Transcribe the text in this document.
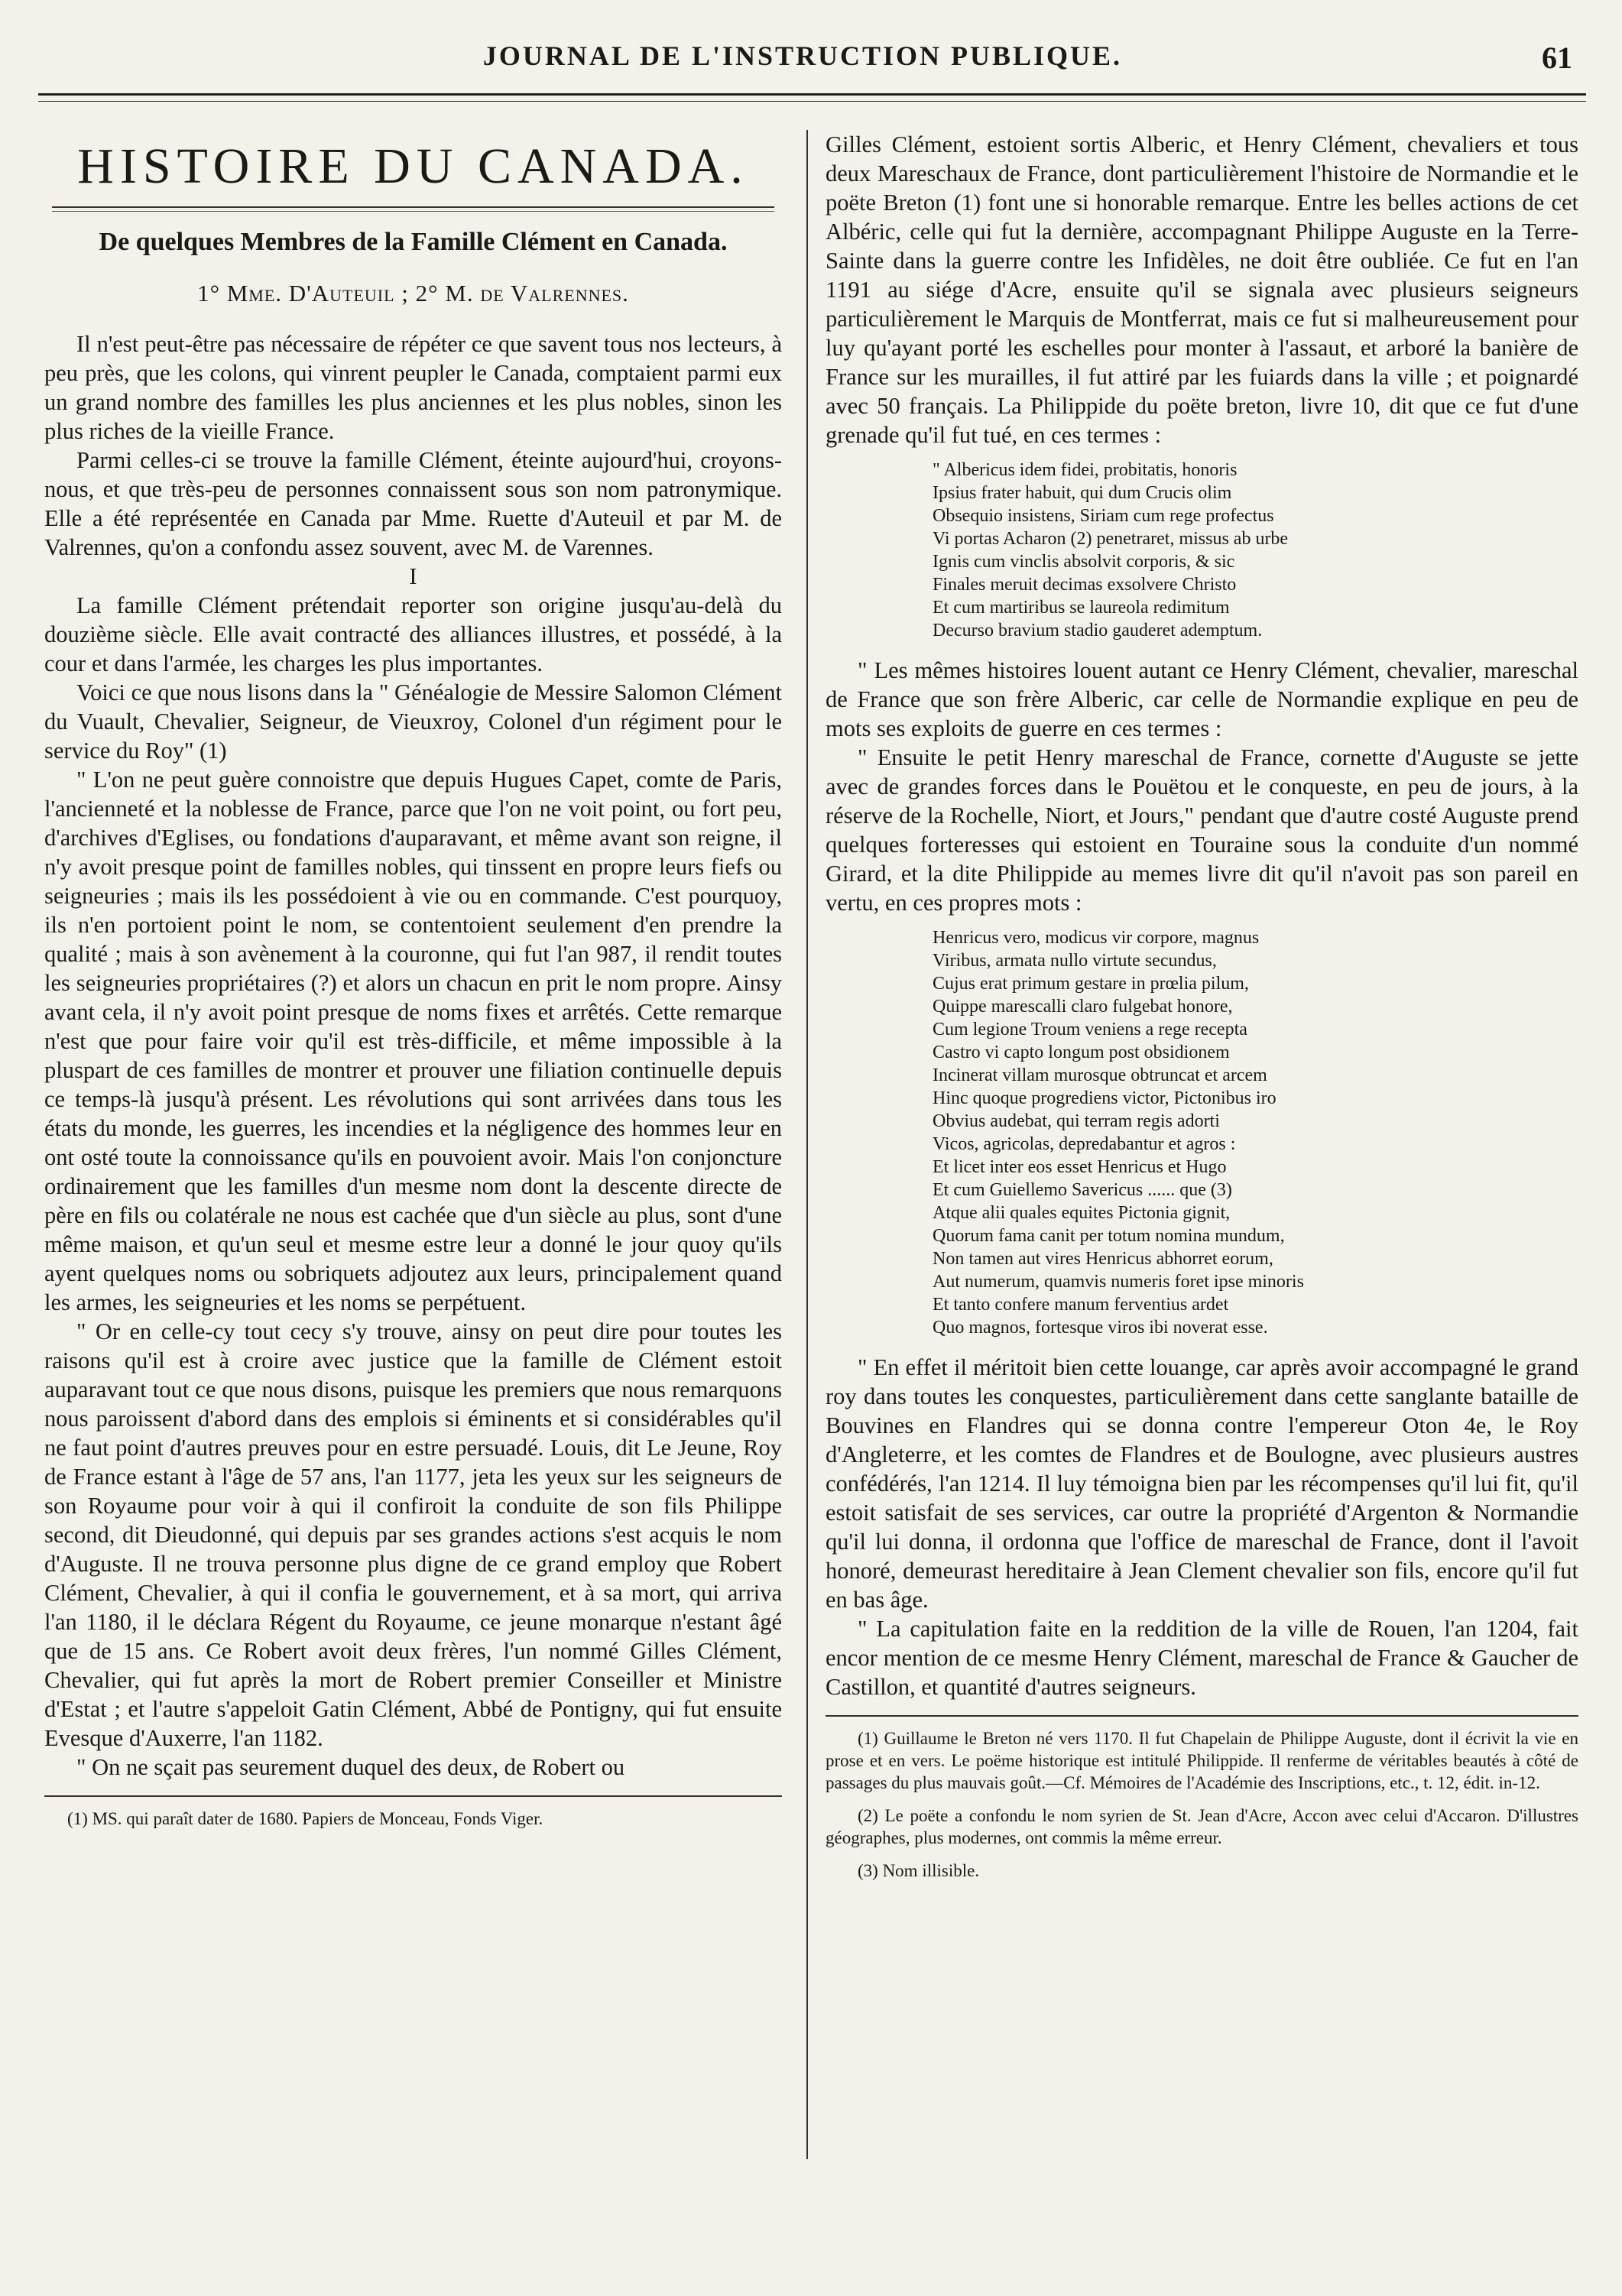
JOURNAL DE L'INSTRUCTION PUBLIQUE.	61
HISTOIRE DU CANADA.
De quelques Membres de la Famille Clément en Canada.
1° Mme. D'Auteuil ; 2° M. de Valrennes.

Il n'est peut-être pas nécessaire de répéter ce que savent tous nos lecteurs, à peu près, que les colons, qui vinrent peupler le Canada, comptaient parmi eux un grand nombre des familles les plus anciennes et les plus nobles, sinon les plus riches de la vieille France.

Parmi celles-ci se trouve la famille Clément, éteinte aujourd'hui, croyons-nous, et que très-peu de personnes connaissent sous son nom patronymique. Elle a été représentée en Canada par Mme. Ruette d'Auteuil et par M. de Valrennes, qu'on a confondu assez souvent, avec M. de Varennes.

I

La famille Clément prétendait reporter son origine jusqu'au-delà du douzième siècle. Elle avait contracté des alliances illustres, et possédé, à la cour et dans l'armée, les charges les plus importantes.

Voici ce que nous lisons dans la " Généalogie de Messire Salomon Clément du Vuault, Chevalier, Seigneur, de Vieuxroy, Colonel d'un régiment pour le service du Roy" (1)

" L'on ne peut guère connoistre que depuis Hugues Capet, comte de Paris, l'ancienneté et la noblesse de France, parce que l'on ne voit point, ou fort peu, d'archives d'Eglises, ou fondations d'auparavant, et même avant son reigne, il n'y avoit presque point de familles nobles, qui tinssent en propre leurs fiefs ou seigneuries ; mais ils les possédoient à vie ou en commande. C'est pourquoy, ils n'en portoient point le nom, se contentoient seulement d'en prendre la qualité ; mais à son avènement à la couronne, qui fut l'an 987, il rendit toutes les seigneuries propriétaires (?) et alors un chacun en prit le nom propre. Ainsy avant cela, il n'y avoit point presque de noms fixes et arrêtés. Cette remarque n'est que pour faire voir qu'il est très-difficile, et même impossible à la pluspart de ces familles de montrer et prouver une filiation continuelle depuis ce temps-là jusqu'à présent. Les révolutions qui sont arrivées dans tous les états du monde, les guerres, les incendies et la négligence des hommes leur en ont osté toute la connoissance qu'ils en pouvoient avoir. Mais l'on conjoncture ordinairement que les familles d'un mesme nom dont la descente directe de père en fils ou colatérale ne nous est cachée que d'un siècle au plus, sont d'une même maison, et qu'un seul et mesme estre leur a donné le jour quoy qu'ils ayent quelques noms ou sobriquets adjoutez aux leurs, principalement quand les armes, les seigneuries et les noms se perpétuent.

" Or en celle-cy tout cecy s'y trouve, ainsy on peut dire pour toutes les raisons qu'il est à croire avec justice que la famille de Clément estoit auparavant tout ce que nous disons, puisque les premiers que nous remarquons nous paroissent d'abord dans des emplois si éminents et si considérables qu'il ne faut point d'autres preuves pour en estre persuadé. Louis, dit Le Jeune, Roy de France estant à l'âge de 57 ans, l'an 1177, jeta les yeux sur les seigneurs de son Royaume pour voir à qui il confiroit la conduite de son fils Philippe second, dit Dieudonné, qui depuis par ses grandes actions s'est acquis le nom d'Auguste. Il ne trouva personne plus digne de ce grand employ que Robert Clément, Chevalier, à qui il confia le gouvernement, et à sa mort, qui arriva l'an 1180, il le déclara Régent du Royaume, ce jeune monarque n'estant âgé que de 15 ans. Ce Robert avoit deux frères, l'un nommé Gilles Clément, Chevalier, qui fut après la mort de Robert premier Conseiller et Ministre d'Estat ; et l'autre s'appeloit Gatin Clément, Abbé de Pontigny, qui fut ensuite Evesque d'Auxerre, l'an 1182.

" On ne sçait pas seurement duquel des deux, de Robert ou

(1) MS. qui paraît dater de 1680. Papiers de Monceau, Fonds Viger.

Gilles Clément, estoient sortis Alberic, et Henry Clément, chevaliers et tous deux Mareschaux de France, dont particulièrement l'histoire de Normandie et le poëte Breton (1) font une si honorable remarque. Entre les belles actions de cet Albéric, celle qui fut la dernière, accompagnant Philippe Auguste en la Terre-Sainte dans la guerre contre les Infidèles, ne doit être oubliée. Ce fut en l'an 1191 au siége d'Acre, ensuite qu'il se signala avec plusieurs seigneurs particulièrement le Marquis de Montferrat, mais ce fut si malheureusement pour luy qu'ayant porté les eschelles pour monter à l'assaut, et arboré la banière de France sur les murailles, il fut attiré par les fuiards dans la ville ; et poignardé avec 50 français. La Philippide du poëte breton, livre 10, dit que ce fut d'une grenade qu'il fut tué, en ces termes :

" Albericus idem fidei, probitatis, honoris
Ipsius frater habuit, qui dum Crucis olim
Obsequio insistens, Siriam cum rege profectus
Vi portas Acharon (2) penetraret, missus ab urbe
Ignis cum vinclis absolvit corporis, & sic
Finales meruit decimas exsolvere Christo
Et cum martiribus se laureola redimitum
Decurso bravium stadio gauderet ademptum.

" Les mêmes histoires louent autant ce Henry Clément, chevalier, mareschal de France que son frère Alberic, car celle de Normandie explique en peu de mots ses exploits de guerre en ces termes :

" Ensuite le petit Henry mareschal de France, cornette d'Auguste se jette avec de grandes forces dans le Pouëtou et le conqueste, en peu de jours, à la réserve de la Rochelle, Niort, et Jours," pendant que d'autre costé Auguste prend quelques forteresses qui estoient en Touraine sous la conduite d'un nommé Girard, et la dite Philippide au memes livre dit qu'il n'avoit pas son pareil en vertu, en ces propres mots :

Henricus vero, modicus vir corpore, magnus
Viribus, armata nullo virtute secundus,
Cujus erat primum gestare in prœlia pilum,
Quippe marescalli claro fulgebat honore,
Cum legione Troum veniens a rege recepta
Castro vi capto longum post obsidionem
Incinerat villam murosque obtruncat et arcem
Hinc quoque progrediens victor, Pictonibus iro
Obvius audebat, qui terram regis adorti
Vicos, agricolas, depredabantur et agros :
Et licet inter eos esset Henricus et Hugo
Et cum Guiellemo Savericus ...... que (3)
Atque alii quales equites Pictonia gignit,
Quorum fama canit per totum nomina mundum,
Non tamen aut vires Henricus abhorret eorum,
Aut numerum, quamvis numeris foret ipse minoris
Et tanto confere manum ferventius ardet
Quo magnos, fortesque viros ibi noverat esse.

" En effet il méritoit bien cette louange, car après avoir accompagné le grand roy dans toutes les conquestes, particulièrement dans cette sanglante bataille de Bouvines en Flandres qui se donna contre l'empereur Oton 4e, le Roy d'Angleterre, et les comtes de Flandres et de Boulogne, avec plusieurs austres confédérés, l'an 1214. Il luy témoigna bien par les récompenses qu'il lui fit, qu'il estoit satisfait de ses services, car outre la propriété d'Argenton & Normandie qu'il lui donna, il ordonna que l'office de mareschal de France, dont il l'avoit honoré, demeurast hereditaire à Jean Clement chevalier son fils, encore qu'il fut en bas âge.

" La capitulation faite en la reddition de la ville de Rouen, l'an 1204, fait encor mention de ce mesme Henry Clément, mareschal de France & Gaucher de Castillon, et quantité d'autres seigneurs.

(1) Guillaume le Breton né vers 1170. Il fut Chapelain de Philippe Auguste, dont il écrivit la vie en prose et en vers. Le poëme historique est intitulé Philippide. Il renferme de véritables beautés à côté de passages du plus mauvais goût.—Cf. Mémoires de l'Académie des Inscriptions, etc., t. 12, édit. in-12.

(2) Le poëte a confondu le nom syrien de St. Jean d'Acre, Accon avec celui d'Accaron. D'illustres géographes, plus modernes, ont commis la même erreur.

(3) Nom illisible.
